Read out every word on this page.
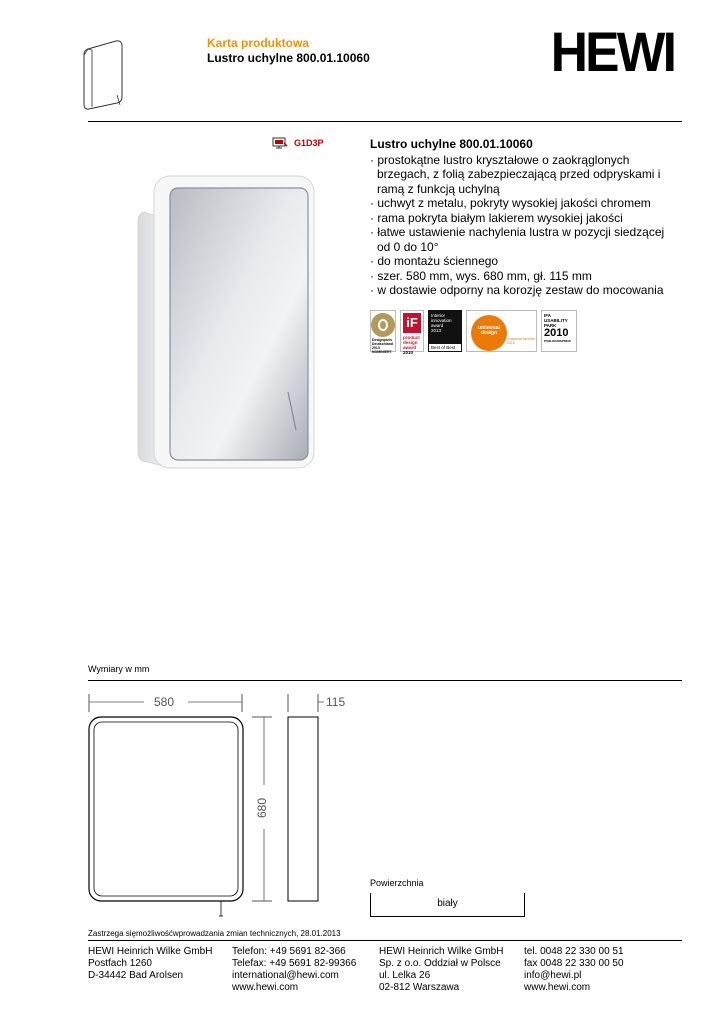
Karta produktowa
Lustro uchylne 800.01.10060	HEWI
G1D3P	Lustro uchylne 800.01.10060
· prostokątne lustro kryształowe o zaokrąglonych brzegach, z folią zabezpieczającą przed odpryskami i ramą z funkcją uchylną
· uchwyt z metalu, pokryty wysokiej jakości chromem
· rama pokryta białym lakierem wysokiej jakości
· łatwe ustawienie nachylenia lustra w pozycji siedzącej od 0 do 10°
· do montażu ściennego
· szer. 580 mm, wys. 680 mm, gł. 115 mm
· w dostawie odporny na korozję zestaw do mocowania
Designpreis Deutschland 2013 NOMINIERT
iF
product design award
2010
Interior
innovation
award
2013
Best of Best
universal design
consumer favorite 2016
IFA
USABILITY
PARK
2010
PUBLIKUMSPREIS
Wymiary w mm
580
680
115
Powierzchnia
biały
Zastrzega sięmożliwośćwprowadzania zmian technicznych, 28.01.2013
HEWI Heinrich Wilke GmbH
Postfach 1260
D-34442 Bad Arolsen
Telefon: +49 5691 82-366
Telefax: +49 5691 82-99366
international@hewi.com
www.hewi.com
HEWI Heinrich Wilke GmbH
Sp. z o.o. Oddział w Polsce
ul. Lelka 26
02-812 Warszawa
tel. 0048 22 330 00 51
fax 0048 22 330 00 50
info@hewi.pl
www.hewi.com
